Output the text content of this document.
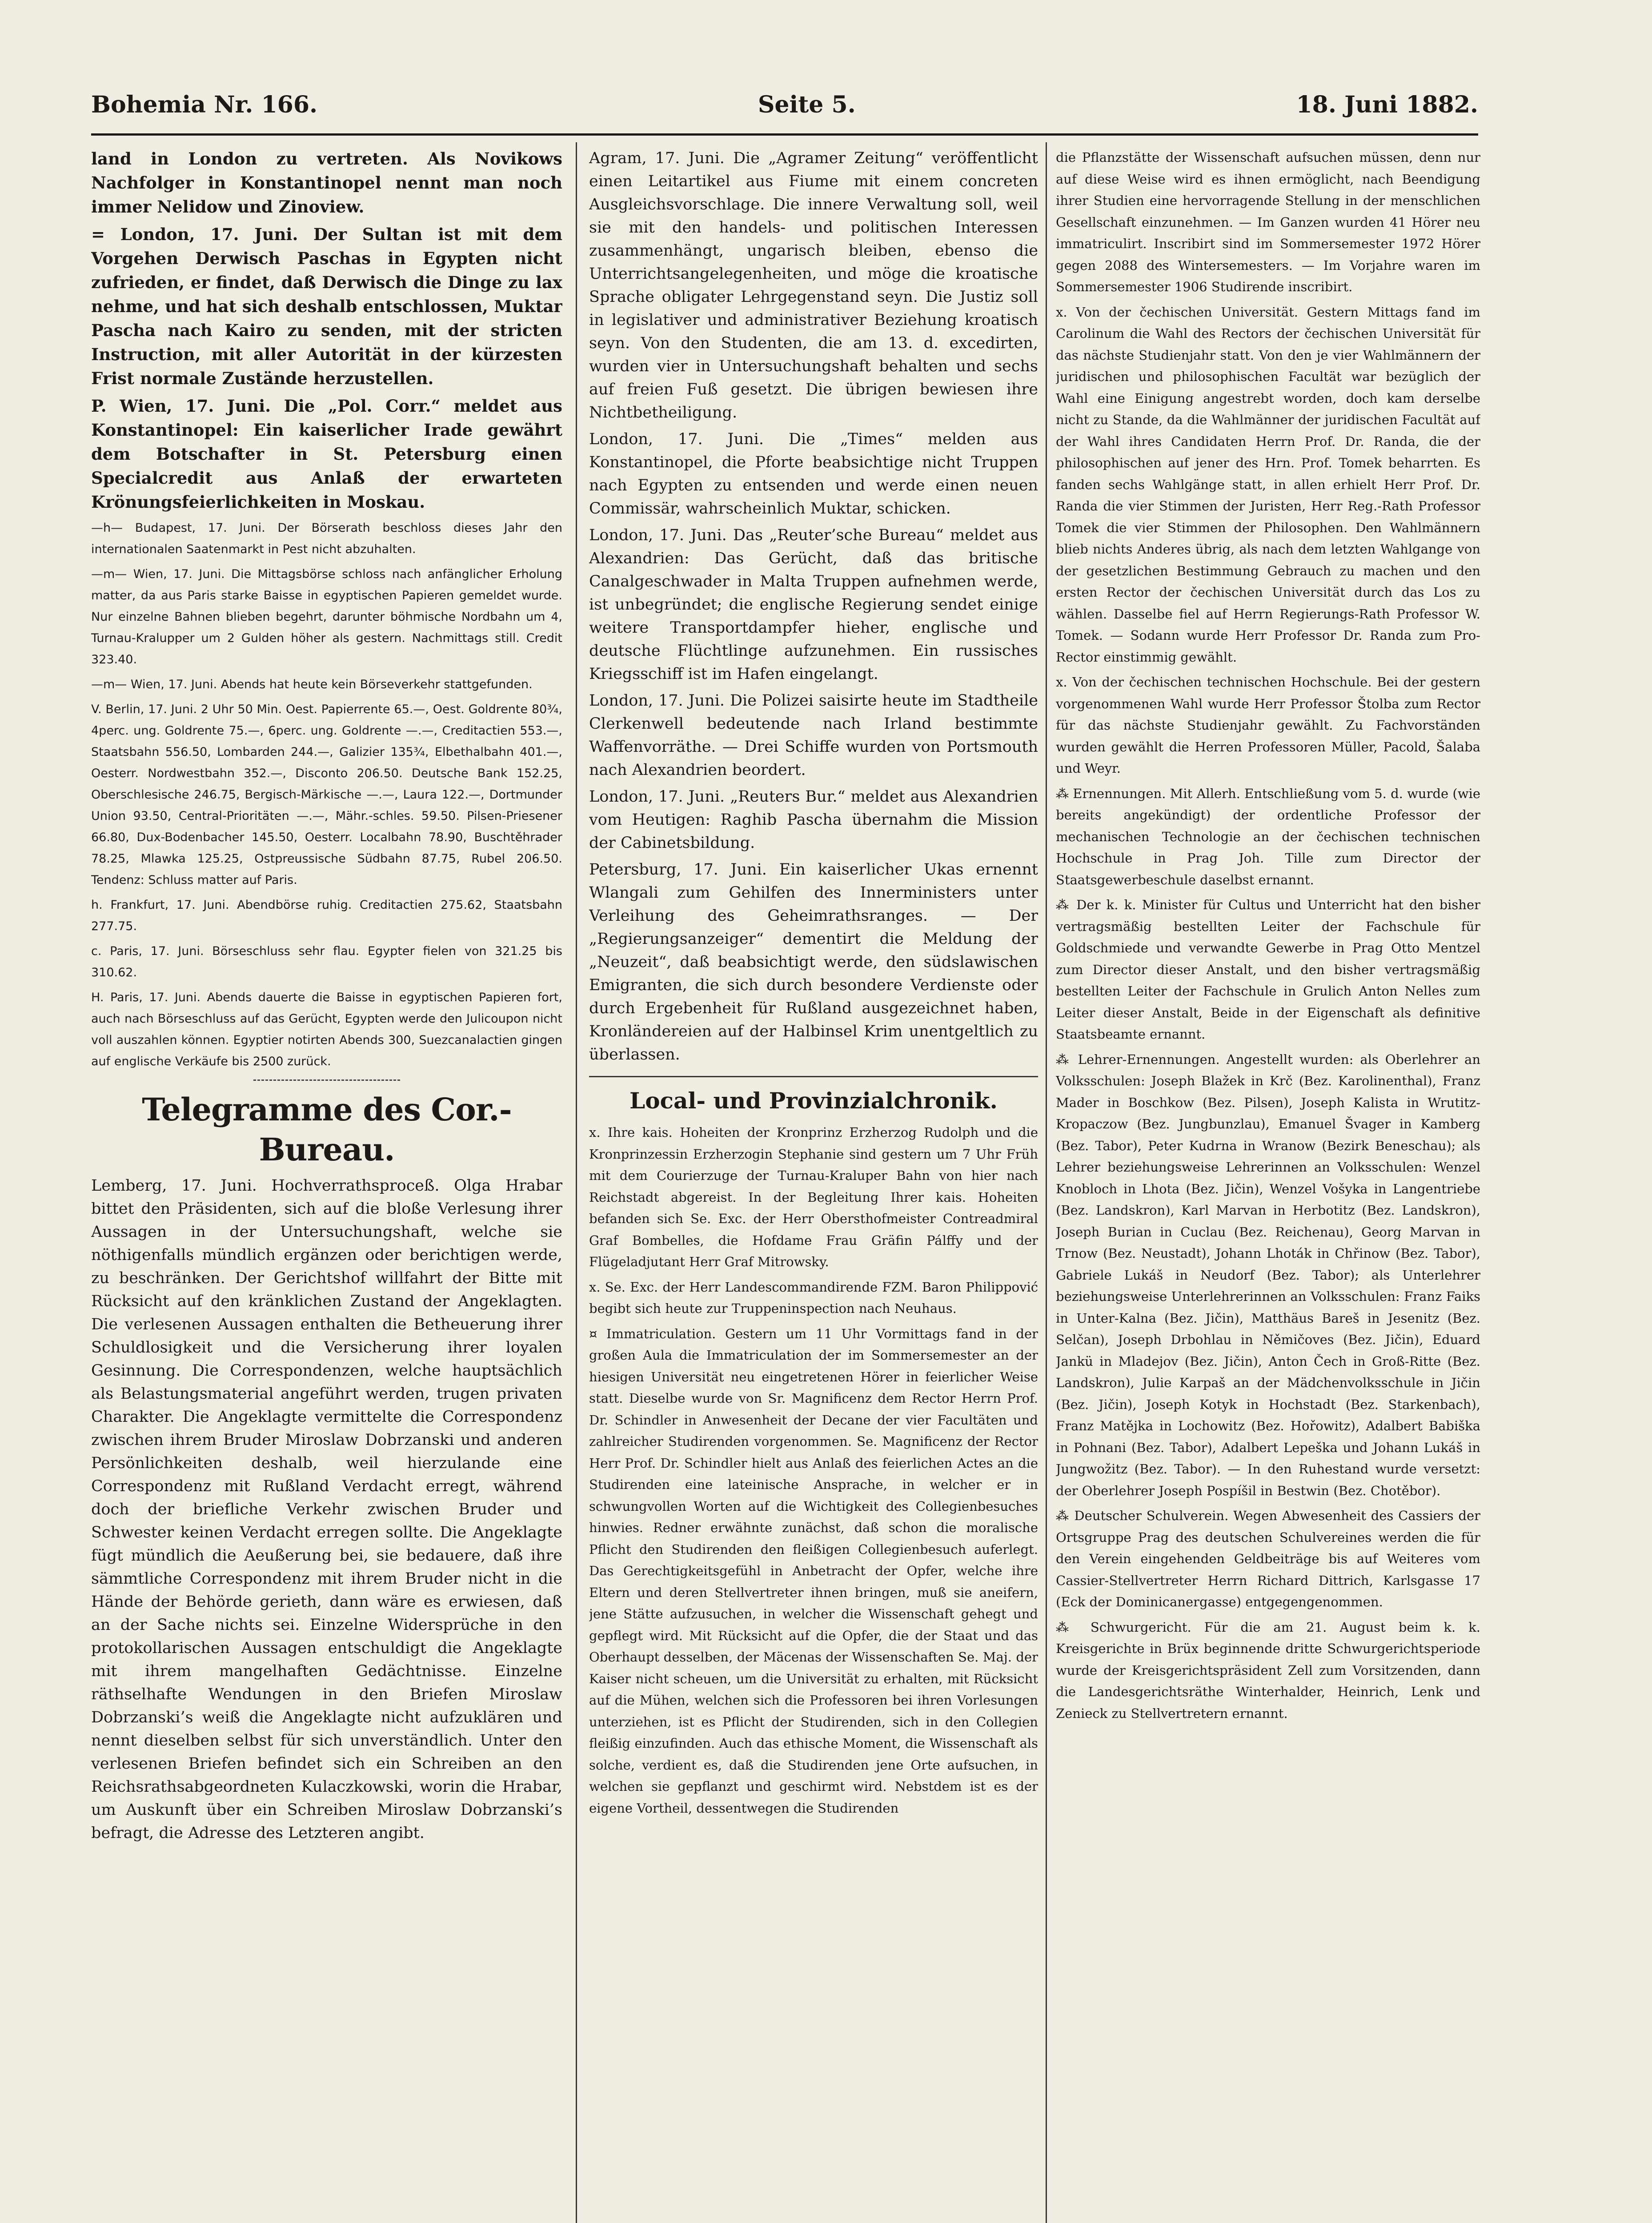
Bohemia Nr. 166.	Seite 5.	18. Juni 1882.

land in London zu vertreten. Als Novikows Nachfolger in Konstantinopel nennt man noch immer Nelidow und Zinoview.

= London, 17. Juni. Der Sultan ist mit dem Vorgehen Derwisch Paschas in Egypten nicht zufrieden, er findet, daß Derwisch die Dinge zu lax nehme, und hat sich deshalb entschlossen, Muktar Pascha nach Kairo zu senden, mit der stricten Instruction, mit aller Autorität in der kürzesten Frist normale Zustände herzustellen.

P. Wien, 17. Juni. Die „Pol. Corr.“ meldet aus Konstantinopel: Ein kaiserlicher Irade gewährt dem Botschafter in St. Petersburg einen Specialcredit aus Anlaß der erwarteten Krönungsfeierlichkeiten in Moskau.

—h— Budapest, 17. Juni. Der Börserath beschloss dieses Jahr den internationalen Saatenmarkt in Pest nicht abzuhalten.

—m— Wien, 17. Juni. Die Mittagsbörse schloss nach anfänglicher Erholung matter, da aus Paris starke Baisse in egyptischen Papieren gemeldet wurde. Nur einzelne Bahnen blieben begehrt, darunter böhmische Nordbahn um 4, Turnau-Kralupper um 2 Gulden höher als gestern. Nachmittags still. Credit 323.40.

—m— Wien, 17. Juni. Abends hat heute kein Börseverkehr stattgefunden.

V. Berlin, 17. Juni. 2 Uhr 50 Min. Oest. Papierrente 65.—, Oest. Goldrente 80¾, 4perc. ung. Goldrente 75.—, 6perc. ung. Goldrente —.—, Creditactien 553.—, Staatsbahn 556.50, Lombarden 244.—, Galizier 135¾, Elbethalbahn 401.—, Oesterr. Nordwestbahn 352.—, Disconto 206.50. Deutsche Bank 152.25, Oberschlesische 246.75, Bergisch-Märkische —.—, Laura 122.—, Dortmunder Union 93.50, Central-Prioritäten —.—, Mähr.-schles. 59.50. Pilsen-Priesener 66.80, Dux-Bodenbacher 145.50, Oesterr. Localbahn 78.90, Buschtěhrader 78.25, Mlawka 125.25, Ostpreussische Südbahn 87.75, Rubel 206.50. Tendenz: Schluss matter auf Paris.

h. Frankfurt, 17. Juni. Abendbörse ruhig. Creditactien 275.62, Staatsbahn 277.75.

c. Paris, 17. Juni. Börseschluss sehr flau. Egypter fielen von 321.25 bis 310.62.

H. Paris, 17. Juni. Abends dauerte die Baisse in egyptischen Papieren fort, auch nach Börseschluss auf das Gerücht, Egypten werde den Julicoupon nicht voll auszahlen können. Egyptier notirten Abends 300, Suezcanalactien gingen auf englische Verkäufe bis 2500 zurück.

Telegramme des Cor.-Bureau.

Lemberg, 17. Juni. Hochverrathsproceß. Olga Hrabar bittet den Präsidenten, sich auf die bloße Verlesung ihrer Aussagen in der Untersuchungshaft, welche sie nöthigenfalls mündlich ergänzen oder berichtigen werde, zu beschränken. Der Gerichtshof willfahrt der Bitte mit Rücksicht auf den kränklichen Zustand der Angeklagten. Die verlesenen Aussagen enthalten die Betheuerung ihrer Schuldlosigkeit und die Versicherung ihrer loyalen Gesinnung. Die Correspondenzen, welche hauptsächlich als Belastungsmaterial angeführt werden, trugen privaten Charakter. Die Angeklagte vermittelte die Correspondenz zwischen ihrem Bruder Miroslaw Dobrzanski und anderen Persönlichkeiten deshalb, weil hierzulande eine Correspondenz mit Rußland Verdacht erregt, während doch der briefliche Verkehr zwischen Bruder und Schwester keinen Verdacht erregen sollte. Die Angeklagte fügt mündlich die Aeußerung bei, sie bedauere, daß ihre sämmtliche Correspondenz mit ihrem Bruder nicht in die Hände der Behörde gerieth, dann wäre es erwiesen, daß an der Sache nichts sei. Einzelne Widersprüche in den protokollarischen Aussagen entschuldigt die Angeklagte mit ihrem mangelhaften Gedächtnisse. Einzelne räthselhafte Wendungen in den Briefen Miroslaw Dobrzanski’s weiß die Angeklagte nicht aufzuklären und nennt dieselben selbst für sich unverständlich. Unter den verlesenen Briefen befindet sich ein Schreiben an den Reichsrathsabgeordneten Kulaczkowski, worin die Hrabar, um Auskunft über ein Schreiben Miroslaw Dobrzanski’s befragt, die Adresse des Letzteren angibt.

Agram, 17. Juni. Die „Agramer Zeitung“ veröffentlicht einen Leitartikel aus Fiume mit einem concreten Ausgleichsvorschlage. Die innere Verwaltung soll, weil sie mit den handels- und politischen Interessen zusammenhängt, ungarisch bleiben, ebenso die Unterrichtsangelegenheiten, und möge die kroatische Sprache obligater Lehrgegenstand seyn. Die Justiz soll in legislativer und administrativer Beziehung kroatisch seyn. Von den Studenten, die am 13. d. excedirten, wurden vier in Untersuchungshaft behalten und sechs auf freien Fuß gesetzt. Die übrigen bewiesen ihre Nichtbetheiligung.

London, 17. Juni. Die „Times“ melden aus Konstantinopel, die Pforte beabsichtige nicht Truppen nach Egypten zu entsenden und werde einen neuen Commissär, wahrscheinlich Muktar, schicken.

London, 17. Juni. Das „Reuter’sche Bureau“ meldet aus Alexandrien: Das Gerücht, daß das britische Canalgeschwader in Malta Truppen aufnehmen werde, ist unbegründet; die englische Regierung sendet einige weitere Transportdampfer hieher, englische und deutsche Flüchtlinge aufzunehmen. Ein russisches Kriegsschiff ist im Hafen eingelangt.

London, 17. Juni. Die Polizei saisirte heute im Stadtheile Clerkenwell bedeutende nach Irland bestimmte Waffenvorräthe. — Drei Schiffe wurden von Portsmouth nach Alexandrien beordert.

London, 17. Juni. „Reuters Bur.“ meldet aus Alexandrien vom Heutigen: Raghib Pascha übernahm die Mission der Cabinetsbildung.

Petersburg, 17. Juni. Ein kaiserlicher Ukas ernennt Wlangali zum Gehilfen des Innerministers unter Verleihung des Geheimrathsranges. — Der „Regierungsanzeiger“ dementirt die Meldung der „Neuzeit“, daß beabsichtigt werde, den südslawischen Emigranten, die sich durch besondere Verdienste oder durch Ergebenheit für Rußland ausgezeichnet haben, Kronländereien auf der Halbinsel Krim unentgeltlich zu überlassen.

Local- und Provinzialchronik.

x. Ihre kais. Hoheiten der Kronprinz Erzherzog Rudolph und die Kronprinzessin Erzherzogin Stephanie sind gestern um 7 Uhr Früh mit dem Courierzuge der Turnau-Kraluper Bahn von hier nach Reichstadt abgereist. In der Begleitung Ihrer kais. Hoheiten befanden sich Se. Exc. der Herr Obersthofmeister Contreadmiral Graf Bombelles, die Hofdame Frau Gräfin Pálffy und der Flügeladjutant Herr Graf Mitrowsky.

x. Se. Exc. der Herr Landescommandirende FZM. Baron Philippović begibt sich heute zur Truppeninspection nach Neuhaus.

¤ Immatriculation. Gestern um 11 Uhr Vormittags fand in der großen Aula die Immatriculation der im Sommersemester an der hiesigen Universität neu eingetretenen Hörer in feierlicher Weise statt. Dieselbe wurde von Sr. Magnificenz dem Rector Herrn Prof. Dr. Schindler in Anwesenheit der Decane der vier Facultäten und zahlreicher Studirenden vorgenommen. Se. Magnificenz der Rector Herr Prof. Dr. Schindler hielt aus Anlaß des feierlichen Actes an die Studirenden eine lateinische Ansprache, in welcher er in schwungvollen Worten auf die Wichtigkeit des Collegienbesuches hinwies. Redner erwähnte zunächst, daß schon die moralische Pflicht den Studirenden den fleißigen Collegienbesuch auferlegt. Das Gerechtigkeitsgefühl in Anbetracht der Opfer, welche ihre Eltern und deren Stellvertreter ihnen bringen, muß sie aneifern, jene Stätte aufzusuchen, in welcher die Wissenschaft gehegt und gepflegt wird. Mit Rücksicht auf die Opfer, die der Staat und das Oberhaupt desselben, der Mäcenas der Wissenschaften Se. Maj. der Kaiser nicht scheuen, um die Universität zu erhalten, mit Rücksicht auf die Mühen, welchen sich die Professoren bei ihren Vorlesungen unterziehen, ist es Pflicht der Studirenden, sich in den Collegien fleißig einzufinden. Auch das ethische Moment, die Wissenschaft als solche, verdient es, daß die Studirenden jene Orte aufsuchen, in welchen sie gepflanzt und geschirmt wird. Nebstdem ist es der eigene Vortheil, dessentwegen die Studirenden

die Pflanzstätte der Wissenschaft aufsuchen müssen, denn nur auf diese Weise wird es ihnen ermöglicht, nach Beendigung ihrer Studien eine hervorragende Stellung in der menschlichen Gesellschaft einzunehmen. — Im Ganzen wurden 41 Hörer neu immatriculirt. Inscribirt sind im Sommersemester 1972 Hörer gegen 2088 des Wintersemesters. — Im Vorjahre waren im Sommersemester 1906 Studirende inscribirt.

x. Von der čechischen Universität. Gestern Mittags fand im Carolinum die Wahl des Rectors der čechischen Universität für das nächste Studienjahr statt. Von den je vier Wahlmännern der juridischen und philosophischen Facultät war bezüglich der Wahl eine Einigung angestrebt worden, doch kam derselbe nicht zu Stande, da die Wahlmänner der juridischen Facultät auf der Wahl ihres Candidaten Herrn Prof. Dr. Randa, die der philosophischen auf jener des Hrn. Prof. Tomek beharrten. Es fanden sechs Wahlgänge statt, in allen erhielt Herr Prof. Dr. Randa die vier Stimmen der Juristen, Herr Reg.-Rath Professor Tomek die vier Stimmen der Philosophen. Den Wahlmännern blieb nichts Anderes übrig, als nach dem letzten Wahlgange von der gesetzlichen Bestimmung Gebrauch zu machen und den ersten Rector der čechischen Universität durch das Los zu wählen. Dasselbe fiel auf Herrn Regierungs-Rath Professor W. Tomek. — Sodann wurde Herr Professor Dr. Randa zum Pro-Rector einstimmig gewählt.

x. Von der čechischen technischen Hochschule. Bei der gestern vorgenommenen Wahl wurde Herr Professor Štolba zum Rector für das nächste Studienjahr gewählt. Zu Fachvorständen wurden gewählt die Herren Professoren Müller, Pacold, Šalaba und Weyr.

⁂ Ernennungen. Mit Allerh. Entschließung vom 5. d. wurde (wie bereits angekündigt) der ordentliche Professor der mechanischen Technologie an der čechischen technischen Hochschule in Prag Joh. Tille zum Director der Staatsgewerbeschule daselbst ernannt.

⁂ Der k. k. Minister für Cultus und Unterricht hat den bisher vertragsmäßig bestellten Leiter der Fachschule für Goldschmiede und verwandte Gewerbe in Prag Otto Mentzel zum Director dieser Anstalt, und den bisher vertragsmäßig bestellten Leiter der Fachschule in Grulich Anton Nelles zum Leiter dieser Anstalt, Beide in der Eigenschaft als definitive Staatsbeamte ernannt.

⁂ Lehrer-Ernennungen. Angestellt wurden: als Oberlehrer an Volksschulen: Joseph Blažek in Krč (Bez. Karolinenthal), Franz Mader in Boschkow (Bez. Pilsen), Joseph Kalista in Wrutitz-Kropaczow (Bez. Jungbunzlau), Emanuel Švager in Kamberg (Bez. Tabor), Peter Kudrna in Wranow (Bezirk Beneschau); als Lehrer beziehungsweise Lehrerinnen an Volksschulen: Wenzel Knobloch in Lhota (Bez. Jičin), Wenzel Vošyka in Langentriebe (Bez. Landskron), Karl Marvan in Herbotitz (Bez. Landskron), Joseph Burian in Cuclau (Bez. Reichenau), Georg Marvan in Trnow (Bez. Neustadt), Johann Lhoták in Chřinow (Bez. Tabor), Gabriele Lukáš in Neudorf (Bez. Tabor); als Unterlehrer beziehungsweise Unterlehrerinnen an Volksschulen: Franz Faiks in Unter-Kalna (Bez. Jičin), Matthäus Bareš in Jesenitz (Bez. Selčan), Joseph Drbohlau in Němičoves (Bez. Jičin), Eduard Jankü in Mladejov (Bez. Jičin), Anton Čech in Groß-Ritte (Bez. Landskron), Julie Karpaš an der Mädchenvolksschule in Jičin (Bez. Jičin), Joseph Kotyk in Hochstadt (Bez. Starkenbach), Franz Matějka in Lochowitz (Bez. Hořowitz), Adalbert Babiška in Pohnani (Bez. Tabor), Adalbert Lepeška und Johann Lukáš in Jungwožitz (Bez. Tabor). — In den Ruhestand wurde versetzt: der Oberlehrer Joseph Pospíšil in Bestwin (Bez. Chotěbor).

⁂ Deutscher Schulverein. Wegen Abwesenheit des Cassiers der Ortsgruppe Prag des deutschen Schulvereines werden die für den Verein eingehenden Geldbeiträge bis auf Weiteres vom Cassier-Stellvertreter Herrn Richard Dittrich, Karlsgasse 17 (Eck der Dominicanergasse) entgegengenommen.

⁂ Schwurgericht. Für die am 21. August beim k. k. Kreisgerichte in Brüx beginnende dritte Schwurgerichtsperiode wurde der Kreisgerichtspräsident Zell zum Vorsitzenden, dann die Landesgerichtsräthe Winterhalder, Heinrich, Lenk und Zenieck zu Stellvertretern ernannt.
